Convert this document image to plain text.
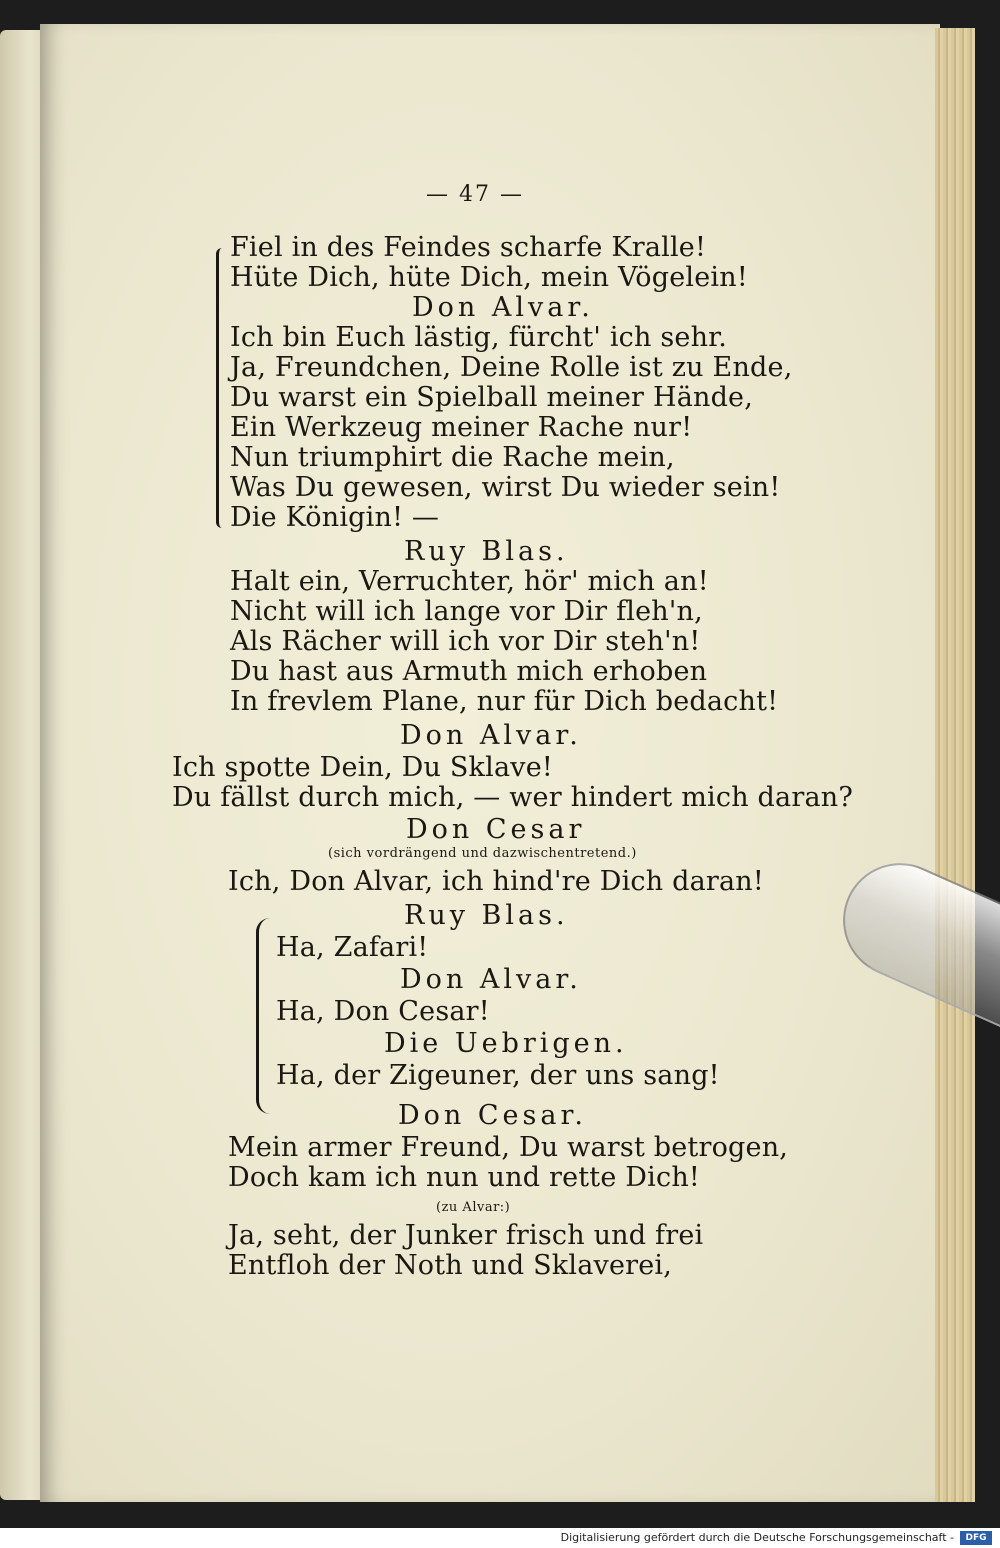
— 47 —
Fiel in des Feindes scharfe Kralle!
Hüte Dich, hüte Dich, mein Vögelein!
Don Alvar.
Ich bin Euch lästig, fürcht' ich sehr.
Ja, Freundchen, Deine Rolle ist zu Ende,
Du warst ein Spielball meiner Hände,
Ein Werkzeug meiner Rache nur!
Nun triumphirt die Rache mein,
Was Du gewesen, wirst Du wieder sein!
Die Königin! —
Ruy Blas.
Halt ein, Verruchter, hör' mich an!
Nicht will ich lange vor Dir fleh'n,
Als Rächer will ich vor Dir steh'n!
Du hast aus Armuth mich erhoben
In frevlem Plane, nur für Dich bedacht!
Don Alvar.
Ich spotte Dein, Du Sklave!
Du fällst durch mich, — wer hindert mich daran?
Don Cesar
(sich vordrängend und dazwischentretend.)
Ich, Don Alvar, ich hind're Dich daran!
Ruy Blas.
Ha, Zafari!
Don Alvar.
Ha, Don Cesar!
Die Uebrigen.
Ha, der Zigeuner, der uns sang!
Don Cesar.
Mein armer Freund, Du warst betrogen,
Doch kam ich nun und rette Dich!
(zu Alvar:)
Ja, seht, der Junker frisch und frei
Entfloh der Noth und Sklaverei,
Digitalisierung gefördert durch die Deutsche Forschungsgemeinschaft -	DFG
